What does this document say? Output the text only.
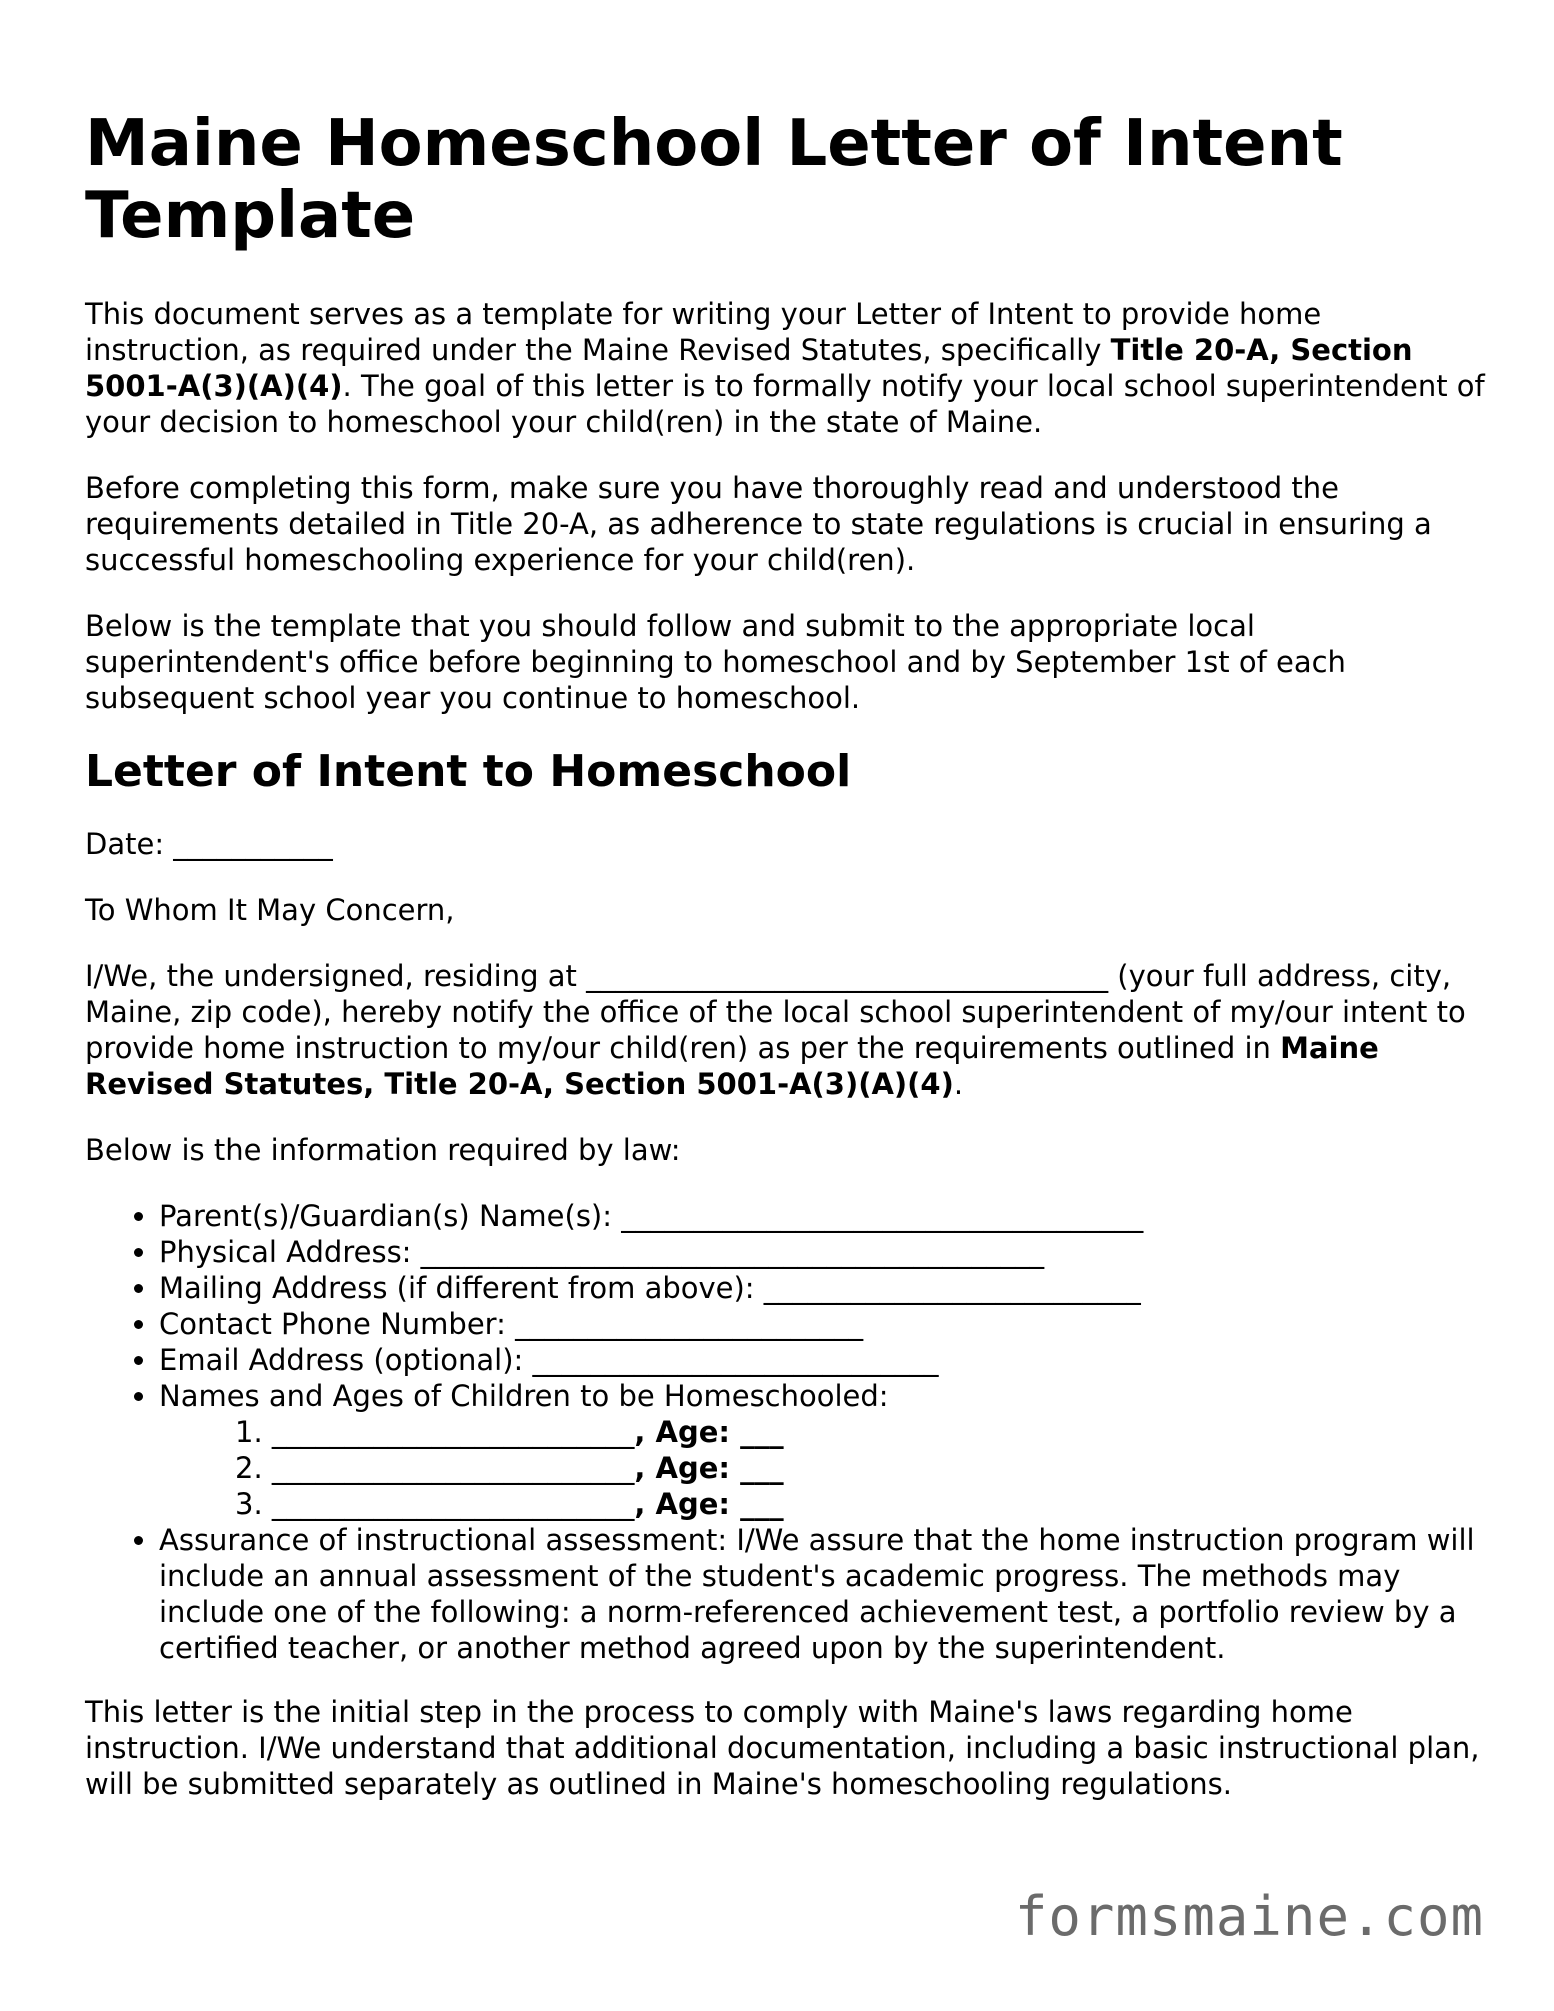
Maine Homeschool Letter of Intent Template

This document serves as a template for writing your Letter of Intent to provide home instruction, as required under the Maine Revised Statutes, specifically Title 20-A, Section 5001-A(3)(A)(4). The goal of this letter is to formally notify your local school superintendent of your decision to homeschool your child(ren) in the state of Maine.

Before completing this form, make sure you have thoroughly read and understood the requirements detailed in Title 20-A, as adherence to state regulations is crucial in ensuring a successful homeschooling experience for your child(ren).

Below is the template that you should follow and submit to the appropriate local superintendent's office before beginning to homeschool and by September 1st of each subsequent school year you continue to homeschool.

Letter of Intent to Homeschool

Date: ___________

To Whom It May Concern,

I/We, the undersigned, residing at ____________________________________ (your full address, city, Maine, zip code), hereby notify the office of the local school superintendent of my/our intent to provide home instruction to my/our child(ren) as per the requirements outlined in Maine Revised Statutes, Title 20-A, Section 5001-A(3)(A)(4).

Below is the information required by law:

• Parent(s)/Guardian(s) Name(s): ____________________________________
• Physical Address: ___________________________________________
• Mailing Address (if different from above): __________________________
• Contact Phone Number: ________________________
• Email Address (optional): ____________________________
• Names and Ages of Children to be Homeschooled:
1. _________________________, Age: ___
2. _________________________, Age: ___
3. _________________________, Age: ___
• Assurance of instructional assessment: I/We assure that the home instruction program will include an annual assessment of the student's academic progress. The methods may include one of the following: a norm-referenced achievement test, a portfolio review by a certified teacher, or another method agreed upon by the superintendent.

This letter is the initial step in the process to comply with Maine's laws regarding home instruction. I/We understand that additional documentation, including a basic instructional plan, will be submitted separately as outlined in Maine's homeschooling regulations.

formsmaine.com
